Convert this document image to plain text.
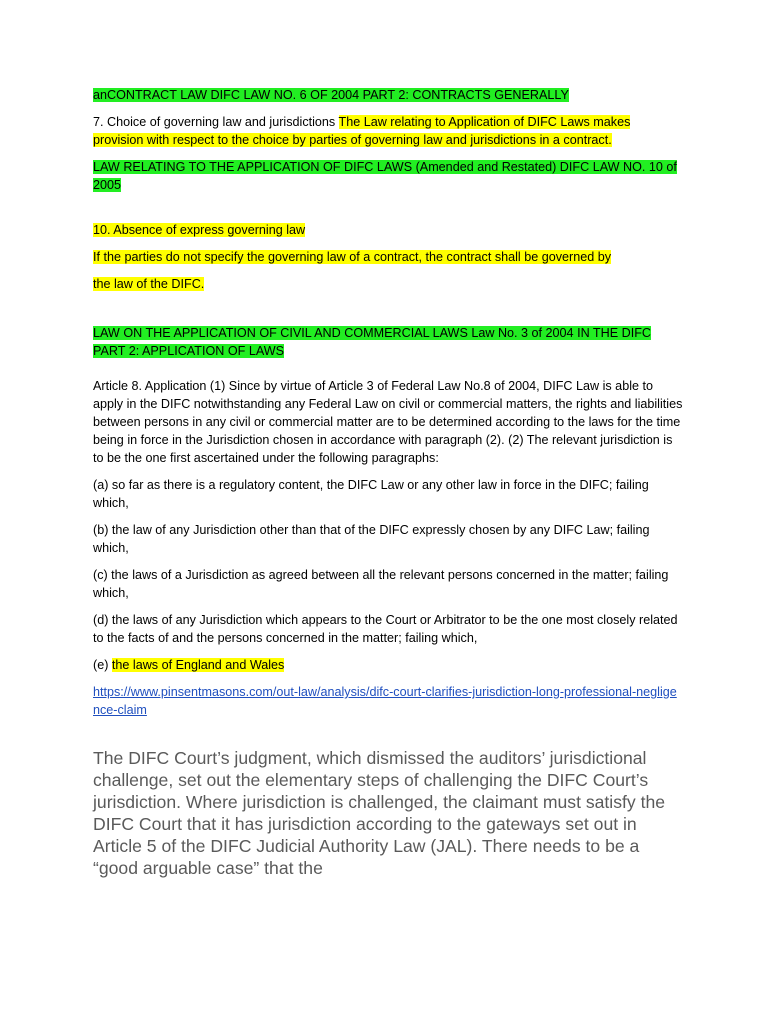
anCONTRACT LAW DIFC LAW NO. 6 OF 2004 PART 2: CONTRACTS GENERALLY

7. Choice of governing law and jurisdictions The Law relating to Application of DIFC Laws makes provision with respect to the choice by parties of governing law and jurisdictions in a contract.

LAW RELATING TO THE APPLICATION OF DIFC LAWS (Amended and Restated) DIFC LAW NO. 10 of 2005

10. Absence of express governing law

If the parties do not specify the governing law of a contract, the contract shall be governed by

the law of the DIFC.

LAW ON THE APPLICATION OF CIVIL AND COMMERCIAL LAWS Law No. 3 of 2004 IN THE DIFC PART 2: APPLICATION OF LAWS

Article 8. Application (1) Since by virtue of Article 3 of Federal Law No.8 of 2004, DIFC Law is able to apply in the DIFC notwithstanding any Federal Law on civil or commercial matters, the rights and liabilities between persons in any civil or commercial matter are to be determined according to the laws for the time being in force in the Jurisdiction chosen in accordance with paragraph (2). (2) The relevant jurisdiction is to be the one first ascertained under the following paragraphs:

(a) so far as there is a regulatory content, the DIFC Law or any other law in force in the DIFC; failing which,

(b) the law of any Jurisdiction other than that of the DIFC expressly chosen by any DIFC Law; failing which,

(c) the laws of a Jurisdiction as agreed between all the relevant persons concerned in the matter; failing which,

(d) the laws of any Jurisdiction which appears to the Court or Arbitrator to be the one most closely related to the facts of and the persons concerned in the matter; failing which,

(e) the laws of England and Wales

https://www.pinsentmasons.com/out-law/analysis/difc-court-clarifies-jurisdiction-long-professional-negligence-claim

The DIFC Court’s judgment, which dismissed the auditors’ jurisdictional challenge, set out the elementary steps of challenging the DIFC Court’s jurisdiction. Where jurisdiction is challenged, the claimant must satisfy the DIFC Court that it has jurisdiction according to the gateways set out in Article 5 of the DIFC Judicial Authority Law (JAL). There needs to be a “good arguable case” that the
